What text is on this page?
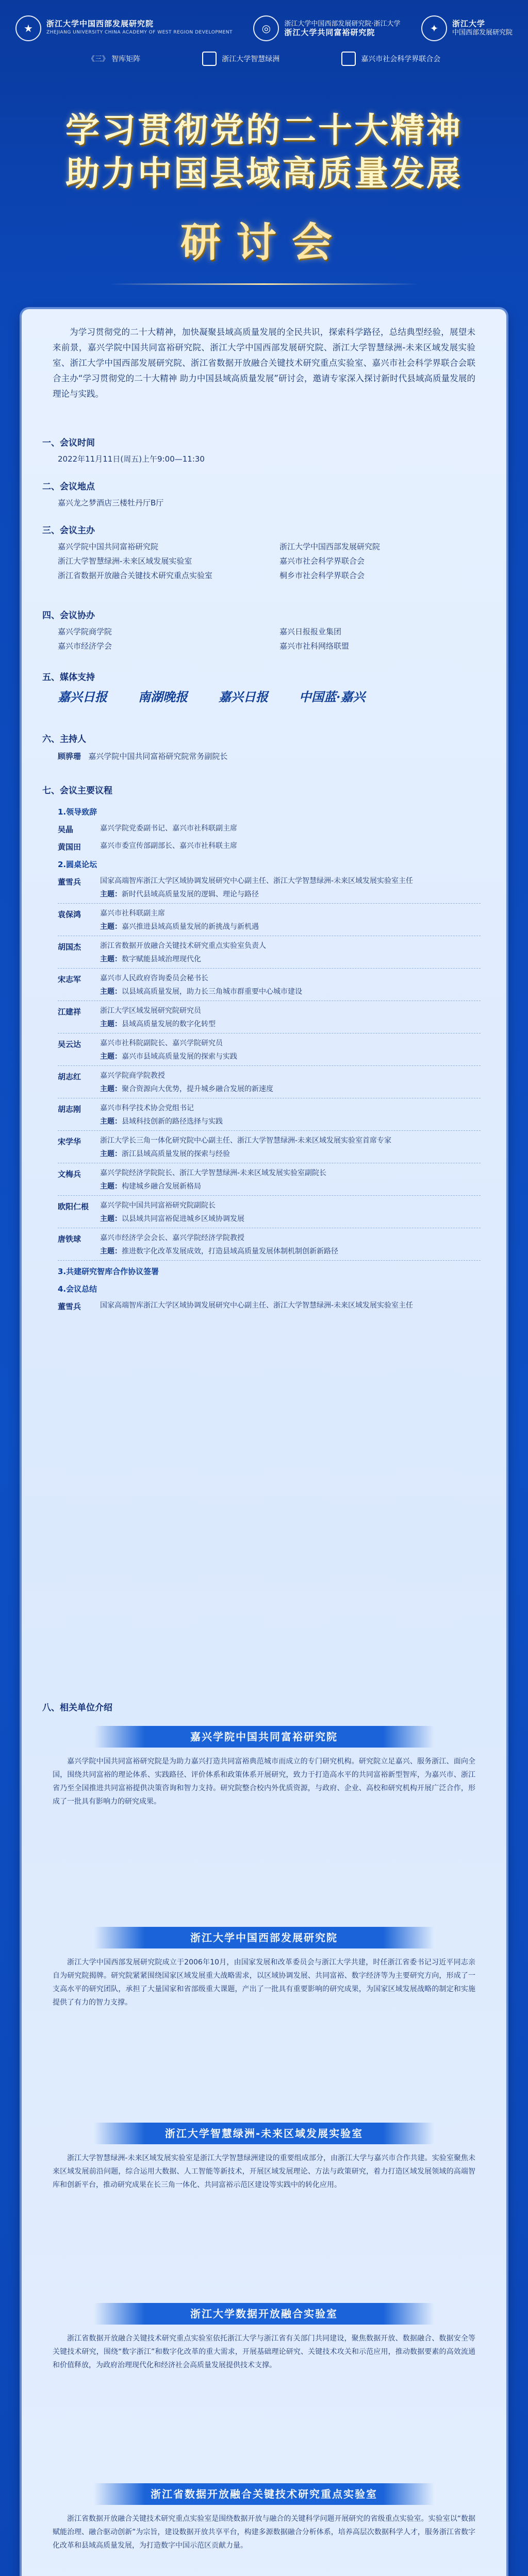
★	浙江大学中国西部发展研究院
ZHEJIANG UNIVERSITY CHINA ACADEMY OF WEST REGION DEVELOPMENT	◎	浙江大学中国西部发展研究院·浙江大学
浙江大学共同富裕研究院	✦	浙江大学
中国西部发展研究院
《三》 智库矩阵	浙江大学智慧绿洲	嘉兴市社会科学界联合会
学习贯彻党的二十大精神
助力中国县域高质量发展
研讨会
为学习贯彻党的二十大精神，加快凝聚县域高质量发展的全民共识，探索科学路径，总结典型经验，展望未来前景，嘉兴学院中国共同富裕研究院、浙江大学中国西部发展研究院、浙江大学智慧绿洲-未来区域发展实验室、浙江大学中国西部发展研究院、浙江省数据开放融合关键技术研究重点实验室、嘉兴市社会科学界联合会联合主办“学习贯彻党的二十大精神 助力中国县域高质量发展”研讨会，邀请专家深入探讨新时代县域高质量发展的理论与实践。
一、会议时间
2022年11月11日(周五)上午9:00—11:30
二、会议地点
嘉兴龙之梦酒店三楼牡丹厅B厅
三、会议主办
嘉兴学院中国共同富裕研究院	浙江大学中国西部发展研究院
浙江大学智慧绿洲-未来区域发展实验室	嘉兴市社会科学界联合会
浙江省数据开放融合关键技术研究重点实验室	桐乡市社会科学界联合会
四、会议协办
嘉兴学院商学院	嘉兴日报报业集团
嘉兴市经济学会	嘉兴市社科网络联盟
五、媒体支持
嘉兴日报	南湖晚报	嘉兴日报	中国蓝·嘉兴
六、主持人
顾骅珊 嘉兴学院中国共同富裕研究院常务副院长
七、会议主要议程
1.领导致辞
吴晶	嘉兴学院党委副书记、嘉兴市社科联副主席
黄国田	嘉兴市委宣传部副部长、嘉兴市社科联主席
2.圆桌论坛
董雪兵	国家高端智库浙江大学区域协调发展研究中心副主任、浙江大学智慧绿洲-未来区域发展实验室主任
主题：新时代县域高质量发展的逻辑、理论与路径
袁保鸿	嘉兴市社科联副主席
主题：嘉兴推进县域高质量发展的新挑战与新机遇
胡国杰	浙江省数据开放融合关键技术研究重点实验室负责人
主题：数字赋能县域治理现代化
宋志军	嘉兴市人民政府咨询委员会秘书长
主题：以县域高质量发展，助力长三角城市群重要中心城市建设
江建祥	浙江大学区域发展研究院研究员
主题：县域高质量发展的数字化转型
吴云达	嘉兴市社科院副院长、嘉兴学院研究员
主题：嘉兴市县域高质量发展的探索与实践
胡志红	嘉兴学院商学院教授
主题：聚合资源向大优势，提升城乡融合发展的新速度
胡志刚	嘉兴市科学技术协会党组书记
主题：县域科技创新的路径选择与实践
宋学华	浙江大学长三角一体化研究院中心副主任、浙江大学智慧绿洲-未来区域发展实验室首席专家
主题：浙江县域高质量发展的探索与经验
文梅兵	嘉兴学院经济学院院长、浙江大学智慧绿洲-未来区域发展实验室副院长
主题：构建城乡融合发展新格局
欧阳仁根	嘉兴学院中国共同富裕研究院副院长
主题：以县域共同富裕促进城乡区域协调发展
唐铁球	嘉兴市经济学会会长、嘉兴学院经济学院教授
主题：推进数字化改革发展成效，打造县域高质量发展体制机制创新新路径
3.共建研究智库合作协议签署
4.会议总结
董雪兵	国家高端智库浙江大学区域协调发展研究中心副主任、浙江大学智慧绿洲-未来区域发展实验室主任
八、相关单位介绍
嘉兴学院中国共同富裕研究院

嘉兴学院中国共同富裕研究院是为助力嘉兴打造共同富裕典范城市而成立的专门研究机构。研究院立足嘉兴、服务浙江、面向全国，围绕共同富裕的理论体系、实践路径、评价体系和政策体系开展研究，致力于打造高水平的共同富裕新型智库，为嘉兴市、浙江省乃至全国推进共同富裕提供决策咨询和智力支持。研究院整合校内外优质资源，与政府、企业、高校和研究机构开展广泛合作，形成了一批具有影响力的研究成果。

浙江大学中国西部发展研究院

浙江大学中国西部发展研究院成立于2006年10月，由国家发展和改革委员会与浙江大学共建，时任浙江省委书记习近平同志亲自为研究院揭牌。研究院紧紧围绕国家区域发展重大战略需求，以区域协调发展、共同富裕、数字经济等为主要研究方向，形成了一支高水平的研究团队，承担了大量国家和省部级重大课题，产出了一批具有重要影响的研究成果，为国家区域发展战略的制定和实施提供了有力的智力支撑。

浙江大学智慧绿洲-未来区域发展实验室

浙江大学智慧绿洲-未来区域发展实验室是浙江大学智慧绿洲建设的重要组成部分，由浙江大学与嘉兴市合作共建。实验室聚焦未来区域发展前沿问题，综合运用大数据、人工智能等新技术，开展区域发展理论、方法与政策研究，着力打造区域发展领域的高端智库和创新平台，推动研究成果在长三角一体化、共同富裕示范区建设等实践中的转化应用。

浙江大学数据开放融合实验室

浙江省数据开放融合关键技术研究重点实验室依托浙江大学与浙江省有关部门共同建设，聚焦数据开放、数据融合、数据安全等关键技术研究，围绕“数字浙江”和数字化改革的重大需求，开展基础理论研究、关键技术攻关和示范应用，推动数据要素的高效流通和价值释放，为政府治理现代化和经济社会高质量发展提供技术支撑。

浙江省数据开放融合关键技术研究重点实验室

浙江省数据开放融合关键技术研究重点实验室是围绕数据开放与融合的关键科学问题开展研究的省级重点实验室。实验室以“数据赋能治理、融合驱动创新”为宗旨，建设数据开放共享平台，构建多源数据融合分析体系，培养高层次数据科学人才，服务浙江省数字化改革和县域高质量发展，为打造数字中国示范区贡献力量。
